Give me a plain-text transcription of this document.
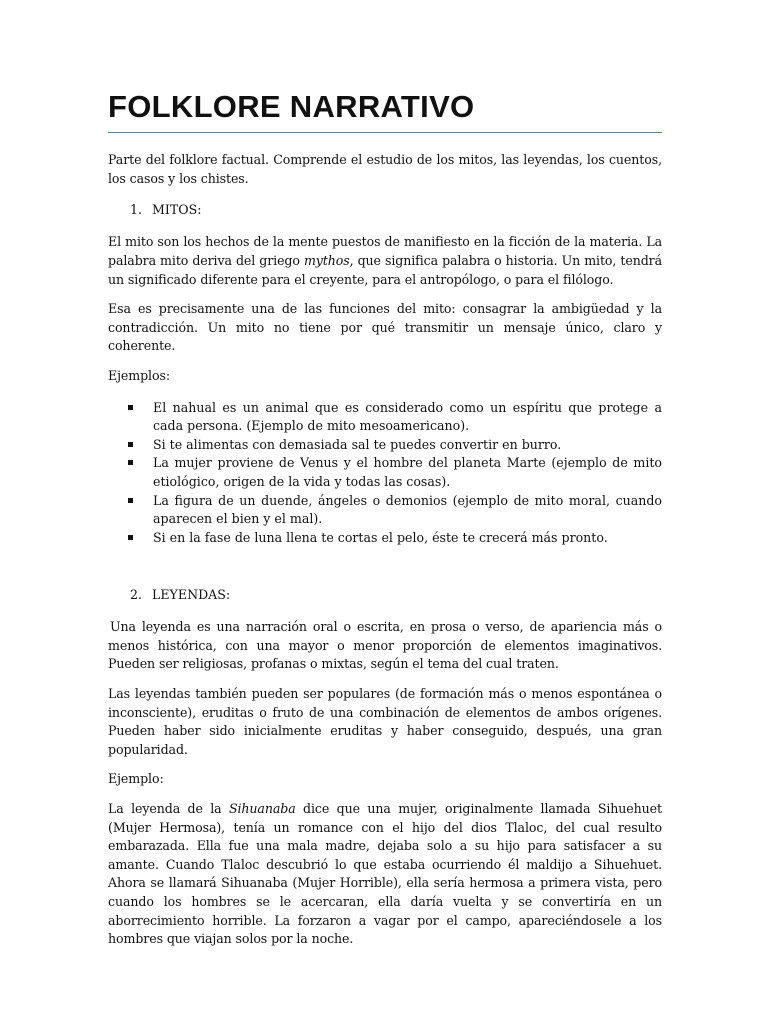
FOLKLORE NARRATIVO

Parte del folklore factual. Comprende el estudio de los mitos, las leyendas, los cuentos, los casos y los chistes.

1. MITOS:

El mito son los hechos de la mente puestos de manifiesto en la ficción de la materia. La palabra mito deriva del griego mythos, que significa palabra o historia. Un mito, tendrá un significado diferente para el creyente, para el antropólogo, o para el filólogo.

Esa es precisamente una de las funciones del mito: consagrar la ambigüedad y la contradicción. Un mito no tiene por qué transmitir un mensaje único, claro y coherente.

Ejemplos:

El nahual es un animal que es considerado como un espíritu que protege a cada persona. (Ejemplo de mito mesoamericano).
Si te alimentas con demasiada sal te puedes convertir en burro.
La mujer proviene de Venus y el hombre del planeta Marte (ejemplo de mito etiológico, origen de la vida y todas las cosas).
La figura de un duende, ángeles o demonios (ejemplo de mito moral, cuando aparecen el bien y el mal).
Si en la fase de luna llena te cortas el pelo, éste te crecerá más pronto.
2. LEYENDAS:

Una leyenda es una narración oral o escrita, en prosa o verso, de apariencia más o menos histórica, con una mayor o menor proporción de elementos imaginativos. Pueden ser religiosas, profanas o mixtas, según el tema del cual traten.

Las leyendas también pueden ser populares (de formación más o menos espontánea o inconsciente), eruditas o fruto de una combinación de elementos de ambos orígenes. Pueden haber sido inicialmente eruditas y haber conseguido, después, una gran popularidad.

Ejemplo:

La leyenda de la Sihuanaba dice que una mujer, originalmente llamada Sihuehuet (Mujer Hermosa), tenía un romance con el hijo del dios Tlaloc, del cual resulto embarazada. Ella fue una mala madre, dejaba solo a su hijo para satisfacer a su amante. Cuando Tlaloc descubrió lo que estaba ocurriendo él maldijo a Sihuehuet. Ahora se llamará Sihuanaba (Mujer Horrible), ella sería hermosa a primera vista, pero cuando los hombres se le acercaran, ella daría vuelta y se convertiría en un aborrecimiento horrible. La forzaron a vagar por el campo, apareciéndosele a los hombres que viajan solos por la noche.
